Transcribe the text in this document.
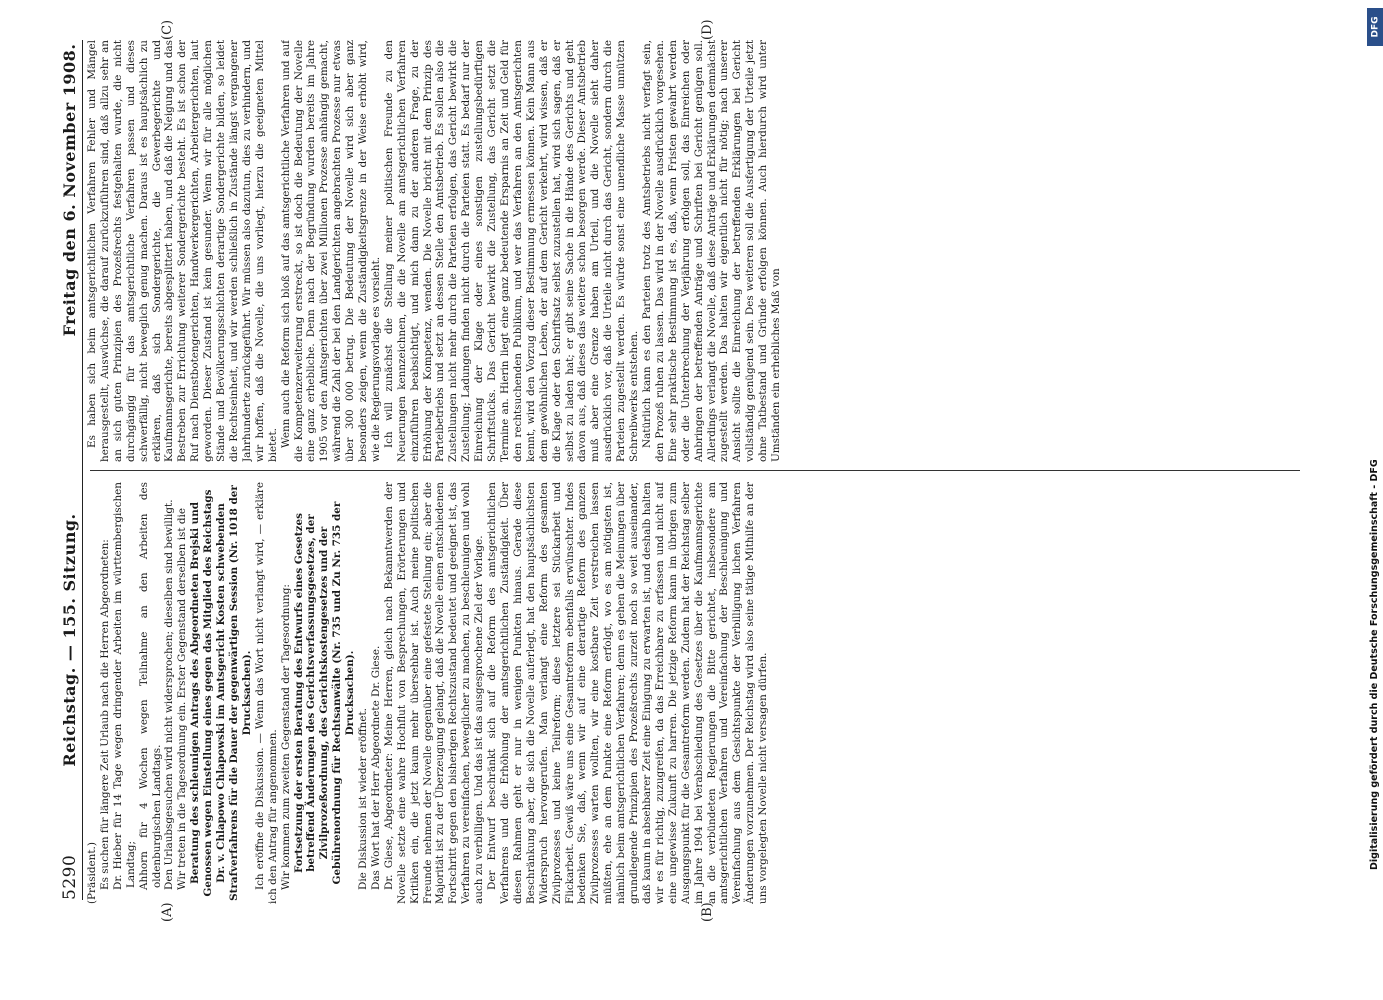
DFG
Digitalisierung gefördert durch die Deutsche Forschungsgemeinschaft - DFG
5290
Reichstag. — 155. Sitzung.
Freitag den 6. November 1908.
(A)	(B)
(C)	(D)

(Präsident.) Es suchen für längere Zeit Urlaub nach die Herren Abgeordneten: Dr. Hieber für 14 Tage wegen dringender Arbeiten im württembergischen Landtag; Ahhorn für 4 Wochen wegen Teilnahme an den Arbeiten des oldenburgischen Landtags. Den Urlaubsgesuchen wird nicht widersprochen; dieselben sind bewilligt. Wir treten in die Tagesordnung ein. Erster Gegenstand derselben ist die Beratung des schleunigen Antrags des Abgeordneten Brejski und Genossen wegen Einstellung eines gegen das Mitglied des Reichstags Dr. v. Chlapowo Chlapowski im Amtsgericht Kosten schwebenden Strafverfahrens für die Dauer der gegenwärtigen Session (Nr. 1018 der Drucksachen). Ich eröffne die Diskussion. — Wenn das Wort nicht verlangt wird, — erkläre ich den Antrag für angenommen. Wir kommen zum zweiten Gegenstand der Tagesordnung: Fortsetzung der ersten Beratung des Entwurfs eines Gesetzes betreffend Änderungen des Gerichtsverfassungsgesetzes, der Zivilprozeßordnung, des Gerichtskostengesetzes und der Gebührenordnung für Rechtsanwälte (Nr. 735 und Zu Nr. 735 der Drucksachen).

Die Diskussion ist wieder eröffnet. Das Wort hat der Herr Abgeordnete Dr. Giese. Dr. Giese, Abgeordneter: Meine Herren, gleich nach Bekanntwerden der Novelle setzte eine wahre Hochflut von Besprechungen, Erörterungen und Kritiken ein, die jetzt kaum mehr übersehbar ist. Auch meine politischen Freunde nehmen der Novelle gegenüber eine gefestete Stellung ein; aber die Majorität ist zu der Überzeugung gelangt, daß die Novelle einen entschiedenen Fortschritt gegen den bisherigen Rechtszustand bedeutet und geeignet ist, das Verfahren zu vereinfachen, beweglicher zu machen, zu beschleunigen und wohl auch zu verbilligen. Und das ist das ausgesprochene Ziel der Vorlage. Der Entwurf beschränkt sich auf die Reform des amtsgerichtlichen Verfahrens und die Erhöhung der amtsgerichtlichen Zuständigkeit. Über diesen Rahmen geht er nur in wenigen Punkten hinaus. Gerade diese Beschränkung aber, die sich die Novelle auferlegt, hat den hauptsächlichsten Widerspruch hervorgerufen. Man verlangt eine Reform des gesamten Zivilprozesses und keine Teilreform; diese letztere sei Stückarbeit und Flickarbeit. Gewiß wäre uns eine Gesamtreform ebenfalls erwünschter. Indes bedenken Sie, daß, wenn wir auf eine derartige Reform des ganzen Zivilprozesses warten wollten, wir eine kostbare Zeit verstreichen lassen müßten, ehe an dem Punkte eine Reform erfolgt, wo es am nötigsten ist, nämlich beim amtsgerichtlichen Verfahren; denn es gehen die Meinungen über grundlegende Prinzipien des Prozeßrechts zurzeit noch so weit auseinander, daß kaum in absehbarer Zeit eine Einigung zu erwarten ist, und deshalb halten wir es für richtig, zuzugreifen, da das Erreichbare zu erfassen und nicht auf eine ungewisse Zukunft zu harren. Die jetzige Reform kann im übrigen zum Ausgangspunkt für die Gesamtreform werden. Zudem hat der Reichstag selber im Jahre 1904 bei Verabschiedung des Gesetzes über die Kaufmannsgerichte an die verbündeten Regierungen die Bitte gerichtet, insbesondere am amtsgerichtlichen Verfahren und Vereinfachung der Beschleunigung und Vereinfachung aus dem Gesichtspunkte der Verbilligung lichen Verfahren Änderungen vorzunehmen. Der Reichstag wird also seine tätige Mithilfe an der uns vorgelegten Novelle nicht versagen dürfen.

Es haben sich beim amtsgerichtlichen Verfahren Fehler und Mängel herausgestellt, Auswüchse, die darauf zurückzuführen sind, daß allzu sehr an an sich guten Prinzipien des Prozeßrechts festgehalten wurde, die nicht durchgängig für das amtsgerichtliche Verfahren passen und dieses schwerfällig, nicht beweglich genug machen. Daraus ist es hauptsächlich zu erklären, daß sich Sondergerichte, die Gewerbegerichte und Kaufmannsgerichte, bereits abgesplittert haben, und daß die Neigung und das Bestreben zur Errichtung weiterer Sondergerichte besteht. Es ist schon der Ruf nach Dienstbotengerichten, Handwerkergerichten, Arbeitergerichten, laut geworden. Dieser Zustand ist kein gesunder. Wenn wir für alle möglichen Stände und Bevölkerungsschichten derartige Sondergerichte bilden, so leidet die Rechtseinheit, und wir werden schließlich in Zustände längst vergangener Jahrhunderte zurückgeführt. Wir müssen also dazutun, dies zu verhindern, und wir hoffen, daß die Novelle, die uns vorliegt, hierzu die geeigneten Mittel bietet. Wenn auch die Reform sich bloß auf das amtsgerichtliche Verfahren und auf die Kompetenzerweiterung erstreckt, so ist doch die Bedeutung der Novelle eine ganz erhebliche. Denn nach der Begründung wurden bereits im Jahre 1905 vor den Amtsgerichten über zwei Millionen Prozesse anhängig gemacht, während die Zahl der bei den Landgerichten angebrachten Prozesse nur etwas über 300 000 betrug. Die Bedeutung der Novelle wird sich aber ganz besonders zeigen, wenn die Zuständigkeitsgrenze in der Weise erhöht wird, wie die Regierungsvorlage es vorsieht. Ich will zunächst die Stellung meiner politischen Freunde zu den Neuerungen kennzeichnen, die die Novelle am amtsgerichtlichen Verfahren einzuführen beabsichtigt, und mich dann zu der anderen Frage, zu der Erhöhung der Kompetenz, wenden. Die Novelle bricht mit dem Prinzip des Parteibetriebs und setzt an dessen Stelle den Amtsbetrieb. Es sollen also die Zustellungen nicht mehr durch die Parteien erfolgen, das Gericht bewirkt die Zustellung; Ladungen finden nicht durch die Parteien statt. Es bedarf nur der Einreichung der Klage oder eines sonstigen zustellungsbedürftigen Schriftstücks. Das Gericht bewirkt die Zustellung, das Gericht setzt die Termine an. Hierin liegt eine ganz bedeutende Ersparnis an Zeit und Geld für den rechtsuchenden Publikum, und wer das Verfahren an den Amtsgerichten kennt, wird den Vorzug dieser Bestimmung ermessen können. Kein Mann aus dem gewöhnlichen Leben, der auf dem Gericht verkehrt, wird wissen, daß er die Klage oder den Schriftsatz selbst zuzustellen hat, wird sich sagen, daß er selbst zu laden hat; er gibt seine Sache in die Hände des Gerichts und geht davon aus, daß dieses das weitere schon besorgen werde. Dieser Amtsbetrieb muß aber eine Grenze haben am Urteil, und die Novelle sieht daher ausdrücklich vor, daß die Urteile nicht durch das Gericht, sondern durch die Parteien zugestellt werden. Es würde sonst eine unendliche Masse unnützen Schreibwerks entstehen. Natürlich kann es den Parteien trotz des Amtsbetriebs nicht verfagt sein, den Prozeß ruhen zu lassen. Das wird in der Novelle ausdrücklich vorgesehen. Eine sehr praktische Bestimmung ist es, daß, wenn Fristen gewahrt werden oder die Unterbrechung der Verjährung erfolgen soll, das Einreichen oder Anbringen der betreffenden Anträge und Schriften bei Gericht genügen soll. Allerdings verlangt die Novelle, daß diese Anträge und Erklärungen demnächst zugestellt werden. Das halten wir eigentlich nicht für nötig; nach unserer Ansicht sollte die Einreichung der betreffenden Erklärungen bei Gericht vollständig genügend sein. Des weiteren soll die Ausfertigung der Urteile jetzt ohne Tatbestand und Gründe erfolgen können. Auch hierdurch wird unter Umständen ein erhebliches Maß von
